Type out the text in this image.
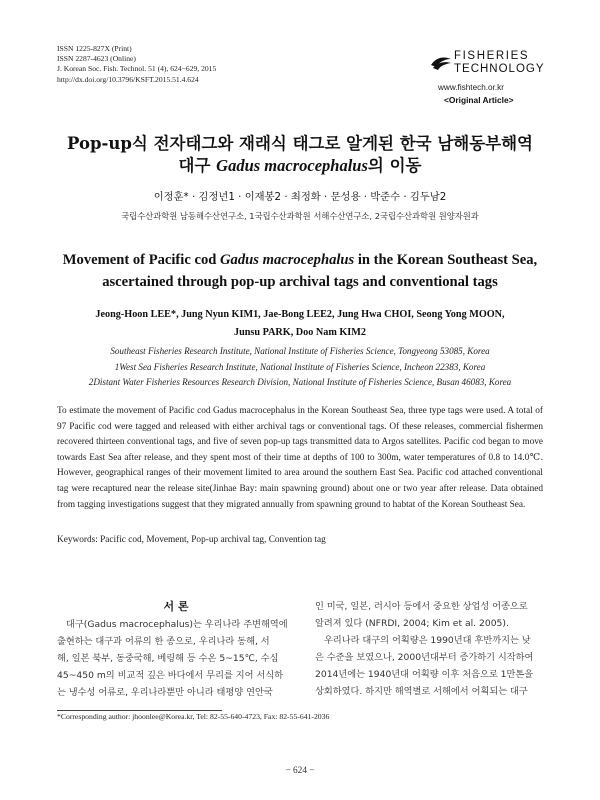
ISSN 1225-827X (Print)
ISSN 2287-4623 (Online)
J. Korean Soc. Fish. Technol. 51 (4), 624−629, 2015
http://dx.doi.org/10.3796/KSFT.2015.51.4.624
FISHERIES
TECHNOLOGY
www.fishtech.or.kr
<Original Article>
Pop-up식 전자태그와 재래식 태그로 알게된 한국 남해동부해역
대구 Gadus macrocephalus의 이동
이정훈* · 김정년1 · 이재봉2 · 최정화 · 문성용 · 박준수 · 김두남2
국립수산과학원 남동해수산연구소, 1국립수산과학원 서해수산연구소, 2국립수산과학원 원양자원과
Movement of Pacific cod Gadus macrocephalus in the Korean Southeast Sea,
ascertained through pop-up archival tags and conventional tags
Jeong-Hoon LEE*, Jung Nyun KIM1, Jae-Bong LEE2, Jung Hwa CHOI, Seong Yong MOON,
Junsu PARK, Doo Nam KIM2
Southeast Fisheries Research Institute, National Institute of Fisheries Science, Tongyeong 53085, Korea
1West Sea Fisheries Research Institute, National Institute of Fisheries Science, Incheon 22383, Korea
2Distant Water Fisheries Resources Research Division, National Institute of Fisheries Science, Busan 46083, Korea
To estimate the movement of Pacific cod Gadus macrocephalus in the Korean Southeast Sea, three type tags were used. A total of 97 Pacific cod were tagged and released with either archival tags or conventional tags. Of these releases, commercial fishermen recovered thirteen conventional tags, and five of seven pop-up tags transmitted data to Argos satellites. Pacific cod began to move towards East Sea after release, and they spent most of their time at depths of 100 to 300m, water temperatures of 0.8 to 14.0℃. However, geographical ranges of their movement limited to area around the southern East Sea. Pacific cod attached conventional tag were recaptured near the release site(Jinhae Bay: main spawning ground) about one or two year after release. Data obtained from tagging investigations suggest that they migrated annually from spawning ground to habtat of the Korean Southeast Sea.
Keywords: Pacific cod, Movement, Pop-up archival tag, Convention tag
서 론
대구(Gadus macrocephalus)는 우리나라 주변해역에
출현하는 대구과 어류의 한 종으로, 우리나라 동해, 서
해, 일본 북부, 동중국해, 베링해 등 수온 5~15℃, 수심
45~450 m의 비교적 깊은 바다에서 무리를 지어 서식하
는 냉수성 어류로, 우리나라뿐만 아니라 태평양 연안국
인 미국, 일본, 러시아 등에서 중요한 상업성 어종으로
알려져 있다 (NFRDI, 2004; Kim et al. 2005).
우리나라 대구의 어획량은 1990년대 후반까지는 낮
은 수준을 보였으나, 2000년대부터 증가하기 시작하여
2014년에는 1940년대 어획량 이후 처음으로 1만톤을
상회하였다. 하지만 해역별로 서해에서 어획되는 대구
*Corresponding author: jhoonlee@Korea.kr, Tel: 82-55-640-4723, Fax: 82-55-641-2036
− 624 −
